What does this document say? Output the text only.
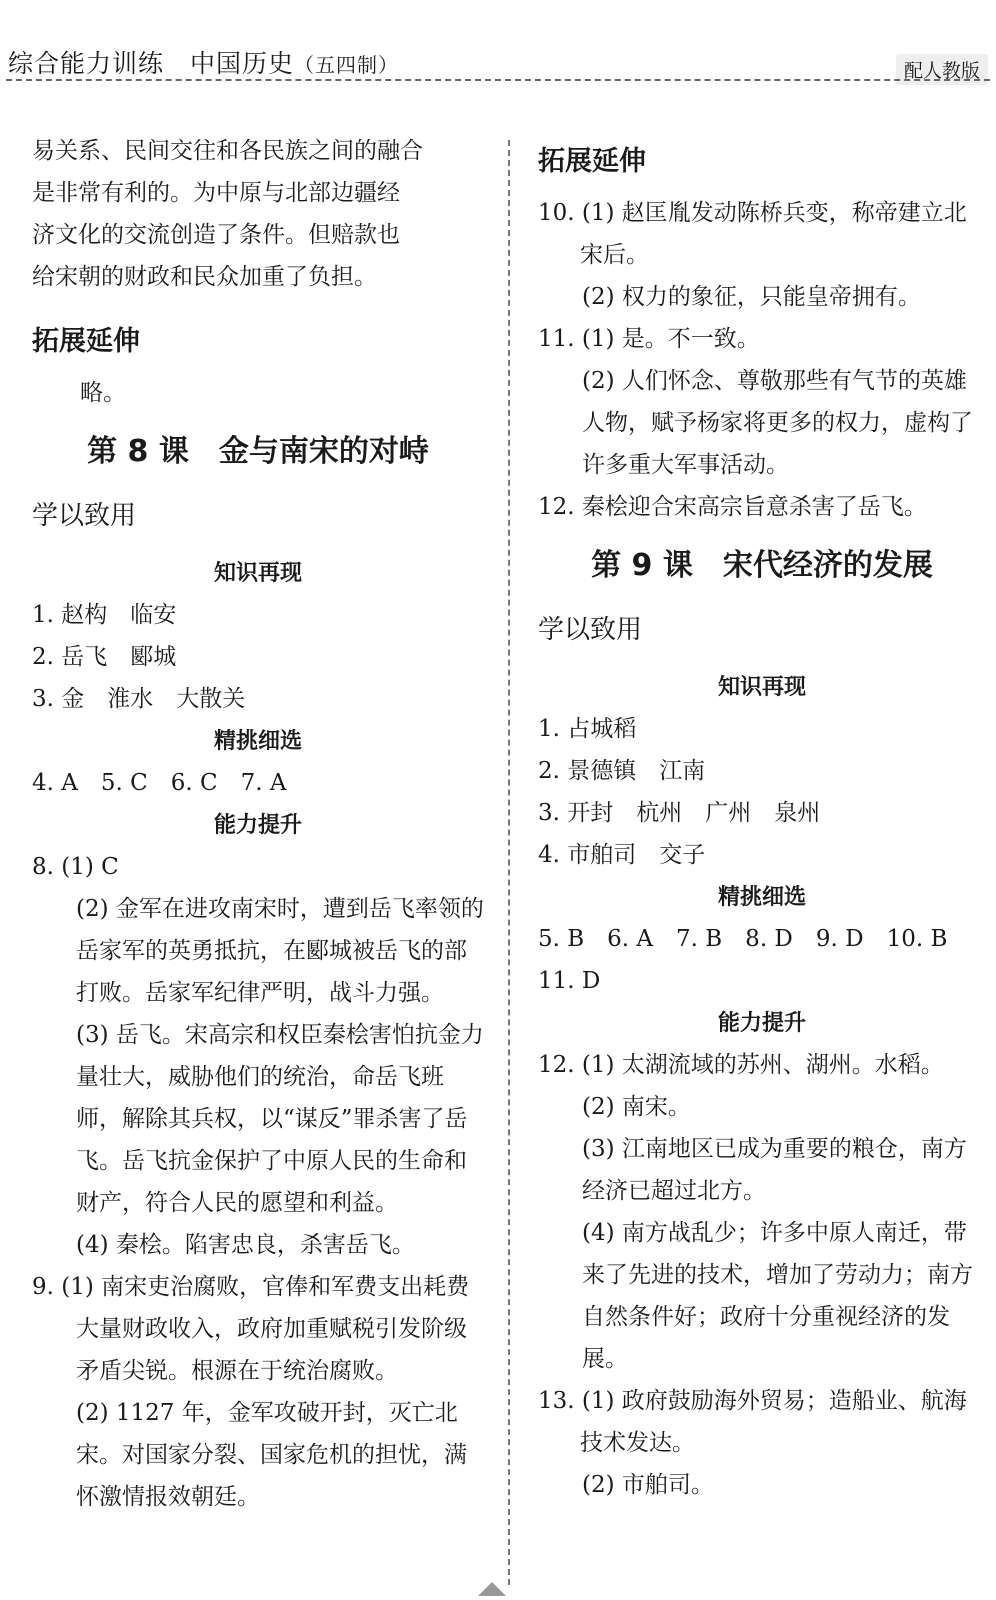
综合能力训练　中国历史（五四制）	配人教版
易关系、民间交往和各民族之间的融合
是非常有利的。为中原与北部边疆经
济文化的交流创造了条件。但赔款也
给宋朝的财政和民众加重了负担。
拓展延伸
略。
第 8 课　金与南宋的对峙
学以致用
知识再现
1. 赵构　临安
2. 岳飞　郾城
3. 金　淮水　大散关
精挑细选
4. A　5. C　6. C　7. A
能力提升
8. (1) C
(2) 金军在进攻南宋时，遭到岳飞率领的岳家军的英勇抵抗，在郾城被岳飞的部打败。岳家军纪律严明，战斗力强。
(3) 岳飞。宋高宗和权臣秦桧害怕抗金力量壮大，威胁他们的统治，命岳飞班师，解除其兵权，以“谋反”罪杀害了岳飞。岳飞抗金保护了中原人民的生命和财产，符合人民的愿望和利益。
(4) 秦桧。陷害忠良，杀害岳飞。
9. (1) 南宋吏治腐败，官俸和军费支出耗费大量财政收入，政府加重赋税引发阶级矛盾尖锐。根源在于统治腐败。
(2) 1127 年，金军攻破开封，灭亡北宋。对国家分裂、国家危机的担忧，满怀激情报效朝廷。
拓展延伸
10. (1) 赵匡胤发动陈桥兵变，称帝建立北宋后。
(2) 权力的象征，只能皇帝拥有。
11. (1) 是。不一致。
(2) 人们怀念、尊敬那些有气节的英雄人物，赋予杨家将更多的权力，虚构了许多重大军事活动。
12. 秦桧迎合宋高宗旨意杀害了岳飞。
第 9 课　宋代经济的发展
学以致用
知识再现
1. 占城稻
2. 景德镇　江南
3. 开封　杭州　广州　泉州
4. 市舶司　交子
精挑细选
5. B　6. A　7. B　8. D　9. D　10. B
11. D
能力提升
12. (1) 太湖流域的苏州、湖州。水稻。
(2) 南宋。
(3) 江南地区已成为重要的粮仓，南方经济已超过北方。
(4) 南方战乱少；许多中原人南迁，带来了先进的技术，增加了劳动力；南方自然条件好；政府十分重视经济的发展。
13. (1) 政府鼓励海外贸易；造船业、航海技术发达。
(2) 市舶司。
